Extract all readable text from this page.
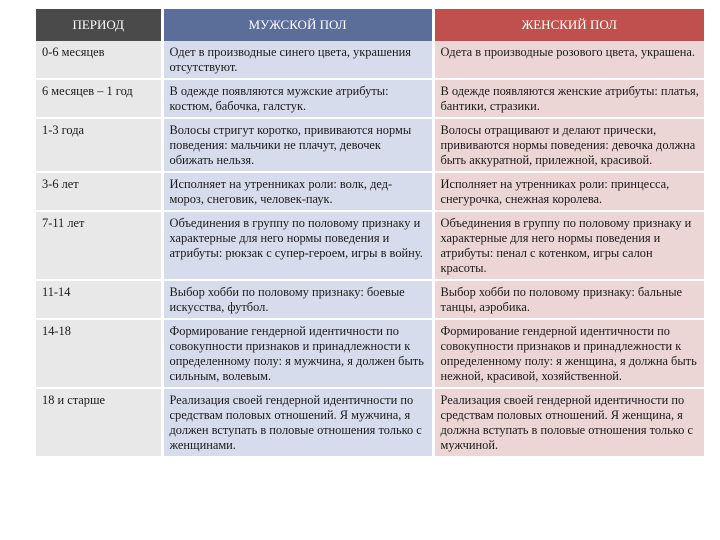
ПЕРИОД	МУЖСКОЙ ПОЛ	ЖЕНСКИЙ ПОЛ
0-6 месяцев	Одет в производные синего цвета, украшения отсутствуют.	Одета в производные розового цвета, украшена.
6 месяцев – 1 год	В одежде появляются мужские атрибуты: костюм, бабочка, галстук.	В одежде появляются женские атрибуты: платья, бантики, стразики.
1-3 года	Волосы стригут коротко, прививаются нормы поведения: мальчики не плачут, девочек обижать нельзя.	Волосы отращивают и делают прически, прививаются нормы поведения: девочка должна быть аккуратной, прилежной, красивой.
3-6 лет	Исполняет на утренниках роли: волк, дед-мороз, снеговик, человек-паук.	Исполняет на утренниках роли: принцесса, снегурочка, снежная королева.
7-11 лет	Объединения в группу по половому признаку и характерные для него нормы поведения и атрибуты: рюкзак с супер-героем, игры в войну.	Объединения в группу по половому признаку и характерные для него нормы поведения и атрибуты: пенал с котенком, игры салон красоты.
11-14	Выбор хобби по половому признаку: боевые искусства, футбол.	Выбор хобби по половому признаку: бальные танцы, аэробика.
14-18	Формирование гендерной идентичности по совокупности признаков и принадлежности к определенному полу: я мужчина, я должен быть сильным, волевым.	Формирование гендерной идентичности по совокупности признаков и принадлежности к определенному полу: я женщина, я должна быть нежной, красивой, хозяйственной.
18 и старше	Реализация своей гендерной идентичности по средствам половых отношений. Я мужчина, я должен вступать в половые отношения только с женщинами.	Реализация своей гендерной идентичности по средствам половых отношений. Я женщина, я должна вступать в половые отношения только с мужчиной.
